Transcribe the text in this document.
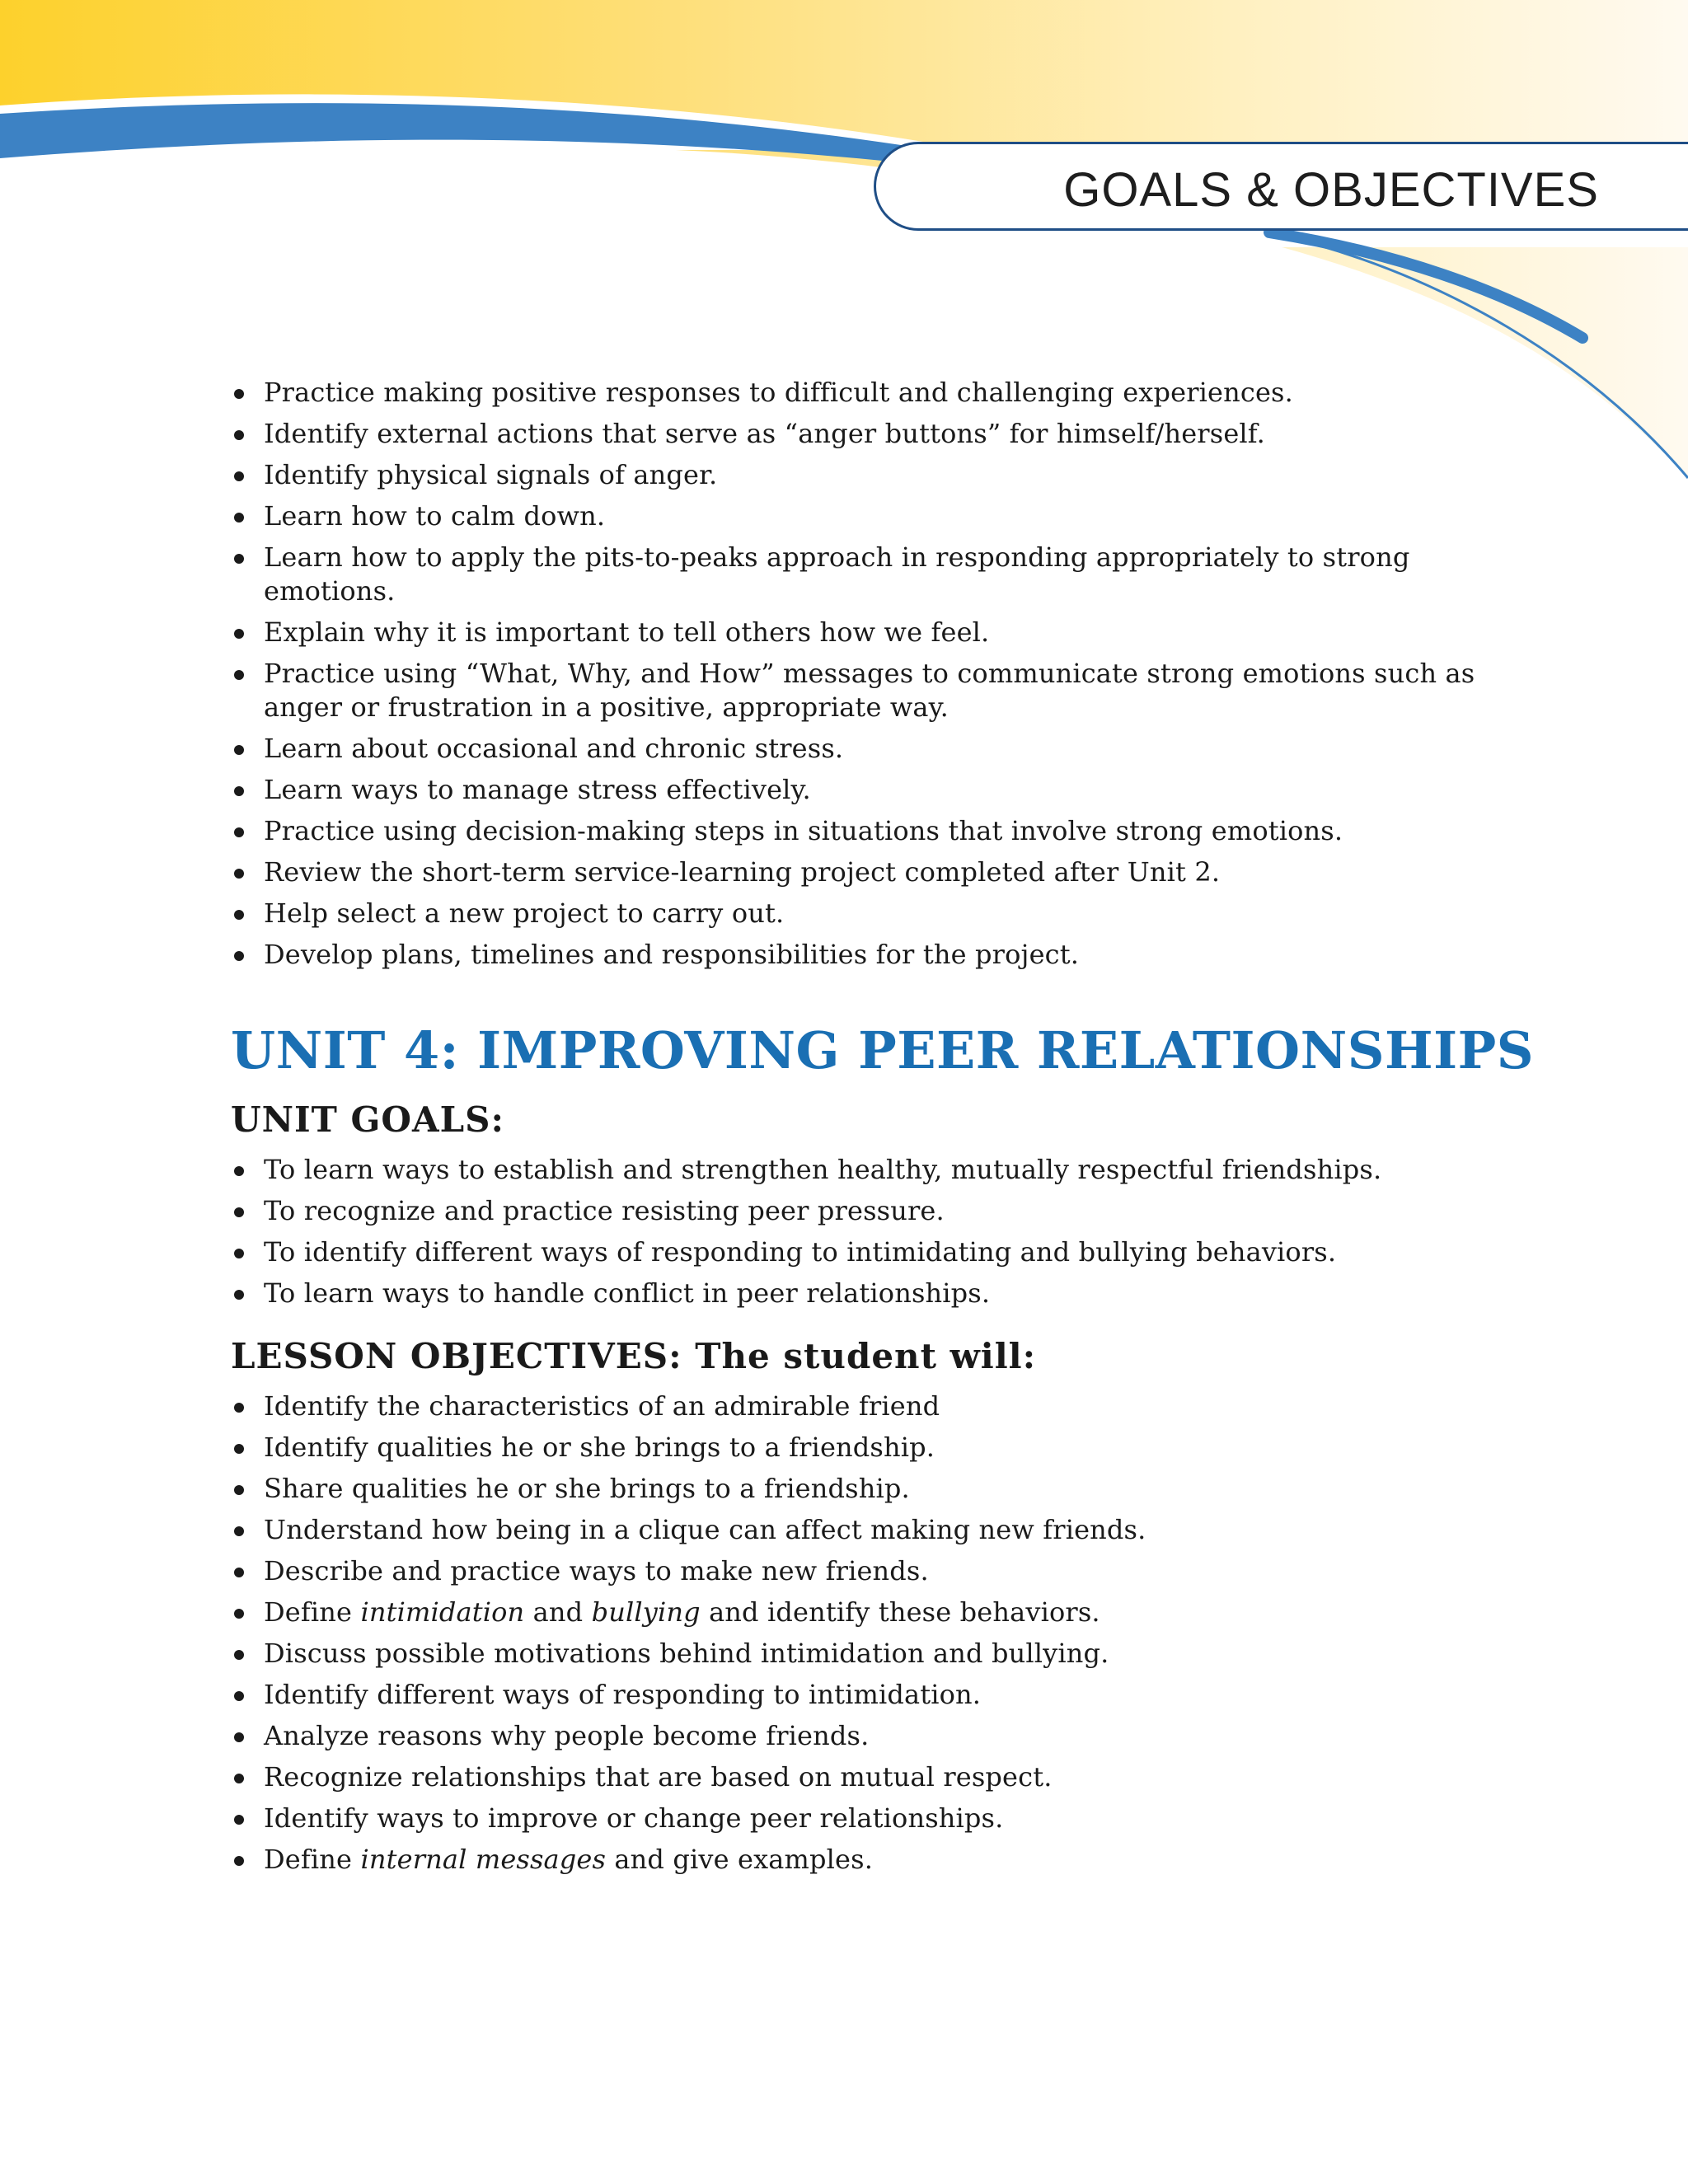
GOALS & OBJECTIVES
Practice making positive responses to difficult and challenging experiences.
Identify external actions that serve as “anger buttons” for himself/herself.
Identify physical signals of anger.
Learn how to calm down.
Learn how to apply the pits-to-peaks approach in responding appropriately to strong emotions.
Explain why it is important to tell others how we feel.
Practice using “What, Why, and How” messages to communicate strong emotions such as anger or frustration in a positive, appropriate way.
Learn about occasional and chronic stress.
Learn ways to manage stress effectively.
Practice using decision-making steps in situations that involve strong emotions.
Review the short-term service-learning project completed after Unit 2.
Help select a new project to carry out.
Develop plans, timelines and responsibilities for the project.
UNIT 4: IMPROVING PEER RELATIONSHIPS
UNIT GOALS:
To learn ways to establish and strengthen healthy, mutually respectful friendships.
To recognize and practice resisting peer pressure.
To identify different ways of responding to intimidating and bullying behaviors.
To learn ways to handle conflict in peer relationships.
LESSON OBJECTIVES: The student will:
Identify the characteristics of an admirable friend
Identify qualities he or she brings to a friendship.
Share qualities he or she brings to a friendship.
Understand how being in a clique can affect making new friends.
Describe and practice ways to make new friends.
Define intimidation and bullying and identify these behaviors.
Discuss possible motivations behind intimidation and bullying.
Identify different ways of responding to intimidation.
Analyze reasons why people become friends.
Recognize relationships that are based on mutual respect.
Identify ways to improve or change peer relationships.
Define internal messages and give examples.
